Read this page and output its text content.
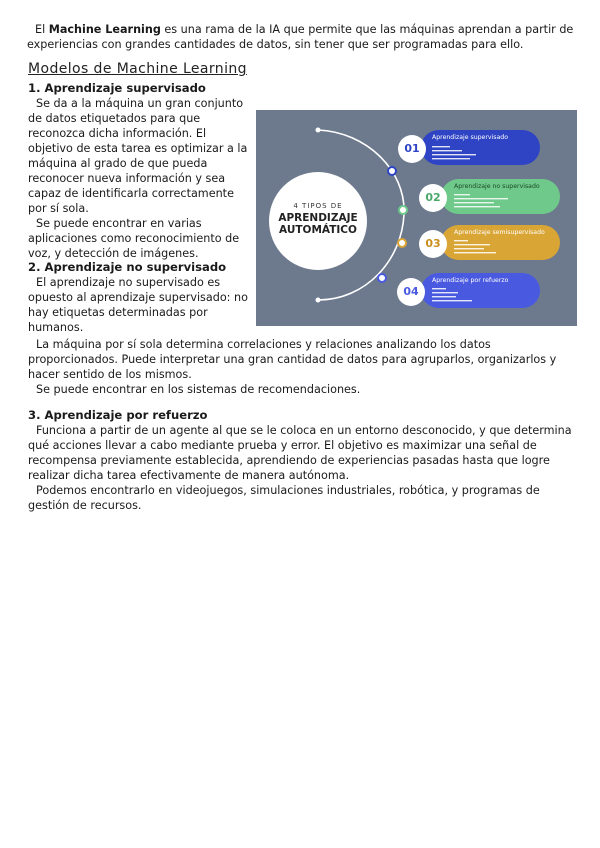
El Machine Learning es una rama de la IA que permite que las máquinas aprendan a partir de experiencias con grandes cantidades de datos, sin tener que ser programadas para ello.

Modelos de Machine Learning

1. Aprendizaje supervisado

Se da a la máquina un gran conjunto de datos etiquetados para que reconozca dicha información. El objetivo de esta tarea es optimizar a la máquina al grado de que pueda reconocer nueva información y sea capaz de identificarla correctamente por sí sola.

Se puede encontrar en varias aplicaciones como reconocimiento de voz, y detección de imágenes.

2. Aprendizaje no supervisado

El aprendizaje no supervisado es opuesto al aprendizaje supervisado: no hay etiquetas determinadas por humanos.

La máquina por sí sola determina correlaciones y relaciones analizando los datos proporcionados. Puede interpretar una gran cantidad de datos para agruparlos, organizarlos y hacer sentido de los mismos.

Se puede encontrar en los sistemas de recomendaciones.

3. Aprendizaje por refuerzo

Funciona a partir de un agente al que se le coloca en un entorno desconocido, y que determina qué acciones llevar a cabo mediante prueba y error. El objetivo es maximizar una señal de recompensa previamente establecida, aprendiendo de experiencias pasadas hasta que logre realizar dicha tarea efectivamente de manera autónoma.

Podemos encontrarlo en videojuegos, simulaciones industriales, robótica, y programas de gestión de recursos.

4 TIPOS DE
APRENDIZAJE
AUTOMÁTICO
01
02
03
04
Aprendizaje supervisado
Aprendizaje no supervisado
Aprendizaje semisupervisado
Aprendizaje por refuerzo
